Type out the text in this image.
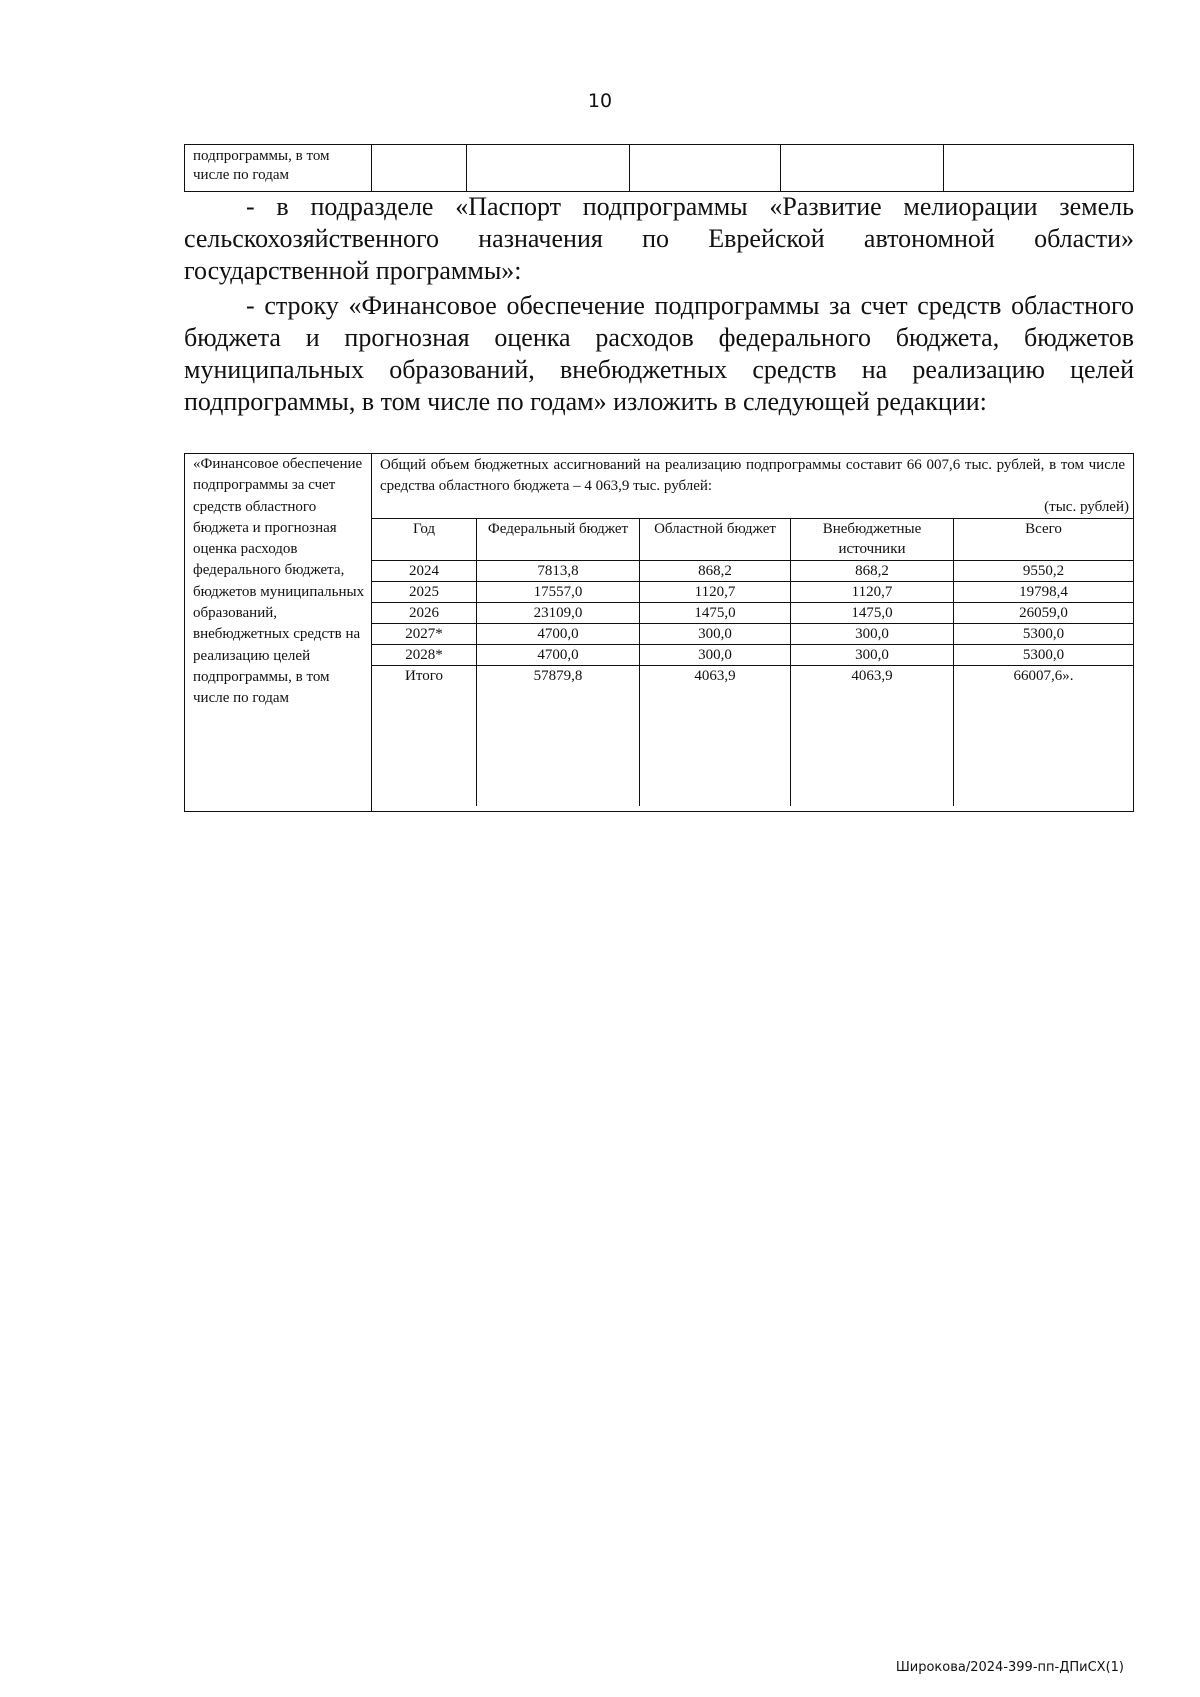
10
подпрограммы, в том числе по годам					
- в подразделе «Паспорт подпрограммы «Развитие мелиорации земель сельскохозяйственного назначения по Еврейской автономной области» государственной программы»:
- строку «Финансовое обеспечение подпрограммы за счет средств областного бюджета и прогнозная оценка расходов федерального бюджета, бюджетов муниципальных образований, внебюджетных средств на реализацию целей подпрограммы, в том числе по годам» изложить в следующей редакции:
«Финансовое обеспечение подпрограммы за счет средств областного бюджета и прогнозная оценка расходов федерального бюджета, бюджетов муниципальных образований, внебюджетных средств на реализацию целей подпрограммы, в том числе по годам	
Общий объем бюджетных ассигнований на реализацию подпрограммы составит 66 007,6 тыс. рублей, в том числе средства областного бюджета – 4 063,9 тыс. рублей:
(тыс. рублей)
Год	Федеральный бюджет	Областной бюджет	Внебюджетные источники	Всего
2024	7813,8	868,2	868,2	9550,2
2025	17557,0	1120,7	1120,7	19798,4
2026	23109,0	1475,0	1475,0	26059,0
2027*	4700,0	300,0	300,0	5300,0
2028*	4700,0	300,0	300,0	5300,0
Итого	57879,8	4063,9	4063,9	66007,6».
Широкова/2024-399-пп-ДПиСХ(1)
